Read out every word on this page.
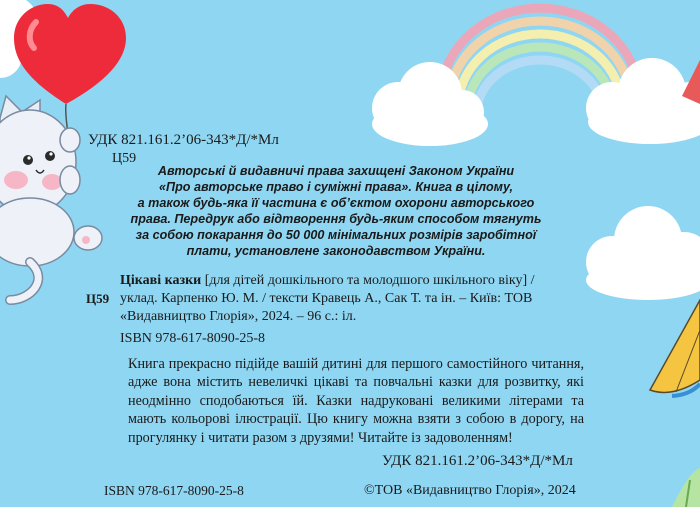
УДК 821.161.2’06-343*Д/*Мл
Ц59
Авторські й видавничі права захищені Законом України
«Про авторське право і суміжні права». Книга в цілому,
а також будь-яка її частина є об’єктом охорони авторського
права. Передрук або відтворення будь-яким способом тягнуть
за собою покарання до 50 000 мінімальних розмірів заробітної
плати, установлене законодавством України.
Ц59
Цікаві казки [для дітей дошкільного та молодшого шкільного віку] /
уклад. Карпенко Ю. М. / тексти Кравець А., Сак Т. та ін. – Київ: ТОВ
«Видавництво Глорія», 2024. – 96 с.: іл.
ISBN 978-617-8090-25-8
Книга прекрасно підійде вашій дитині для першого самостійного читання,
адже вона містить невеличкі цікаві та повчальні казки для розвитку, які
неодмінно сподобаються їй. Казки надруковані великими літерами та
мають кольорові ілюстрації. Цю книгу можна взяти з собою в дорогу, на
прогулянку і читати разом з друзями! Читайте із задоволенням!
УДК 821.161.2’06-343*Д/*Мл
ISBN 978-617-8090-25-8	©ТОВ «Видавництво Глорія», 2024
